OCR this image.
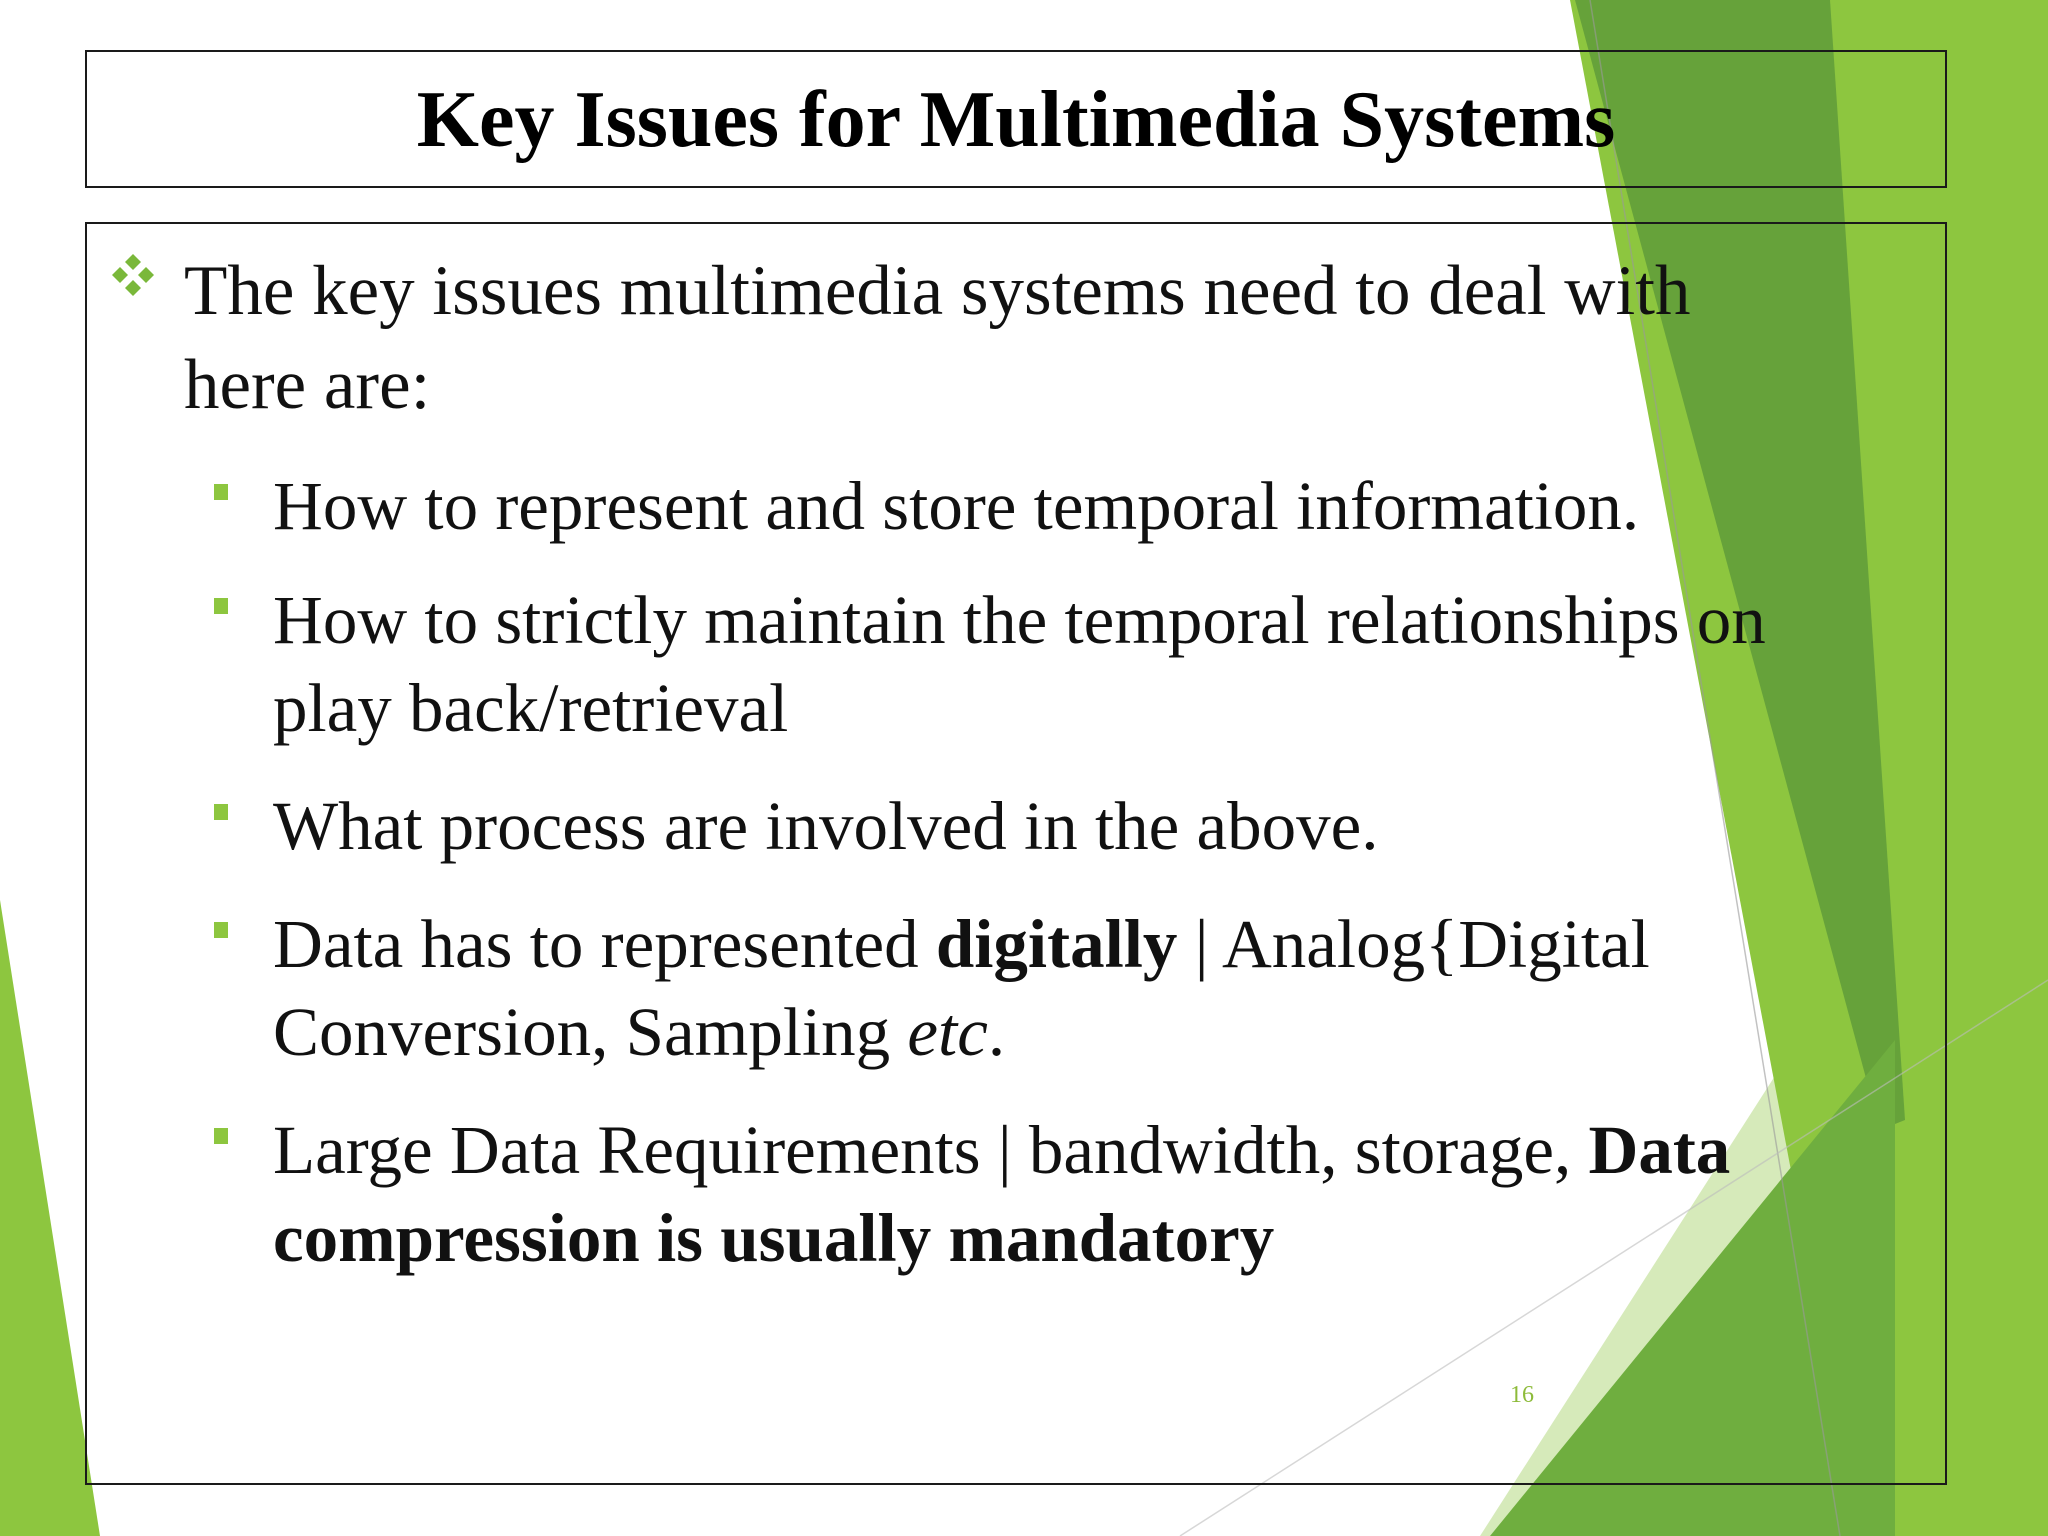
Key Issues for Multimedia Systems
The key issues multimedia systems need to deal with here are:
How to represent and store temporal information.
How to strictly maintain the temporal relationships on play back/retrieval
What process are involved in the above.
Data has to represented digitally | Analog{Digital Conversion, Sampling etc.
Large Data Requirements | bandwidth, storage, Data compression is usually mandatory
16
